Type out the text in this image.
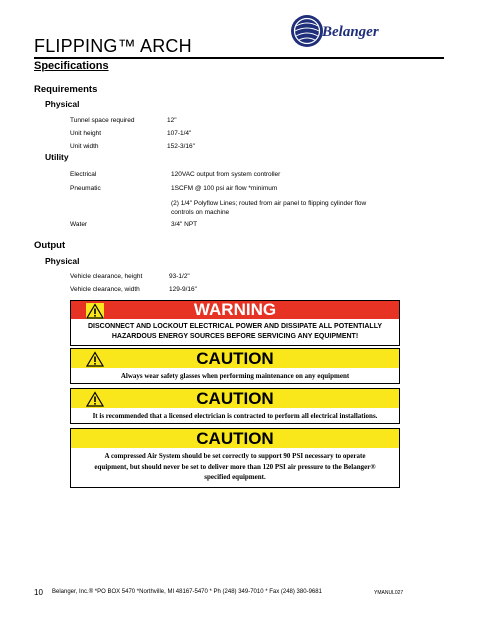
Belanger
FLIPPING™ ARCH
Specifications
Requirements
Physical
Tunnel space required	12"
Unit height	107-1/4"
Unit width	152-3/16"
Utility
Electrical	120VAC output from system controller
Pneumatic	1SCFM @ 100 psi air flow *minimum
(2) 1/4" Polyflow Lines; routed from air panel to flipping cylinder flow
controls on machine
Water	3/4" NPT
Output
Physical
Vehicle clearance, height	93-1/2"
Vehicle clearance, width	129-9/16"
WARNING
DISCONNECT AND LOCKOUT ELECTRICAL POWER AND DISSIPATE ALL POTENTIALLY
HAZARDOUS ENERGY SOURCES BEFORE SERVICING ANY EQUIPMENT!
CAUTION
Always wear safety glasses when performing maintenance on any equipment
CAUTION
It is recommended that a licensed electrician is contracted to perform all electrical installations.
CAUTION
A compressed Air System should be set correctly to support 90 PSI necessary to operate
equipment, but should never be set to deliver more than 120 PSI air pressure to the Belanger®
specified equipment.
10 Belanger, Inc.® *PO BOX 5470 *Northville, MI 48167-5470 * Ph (248) 349-7010 * Fax (248) 380-9681	YMANUL027
